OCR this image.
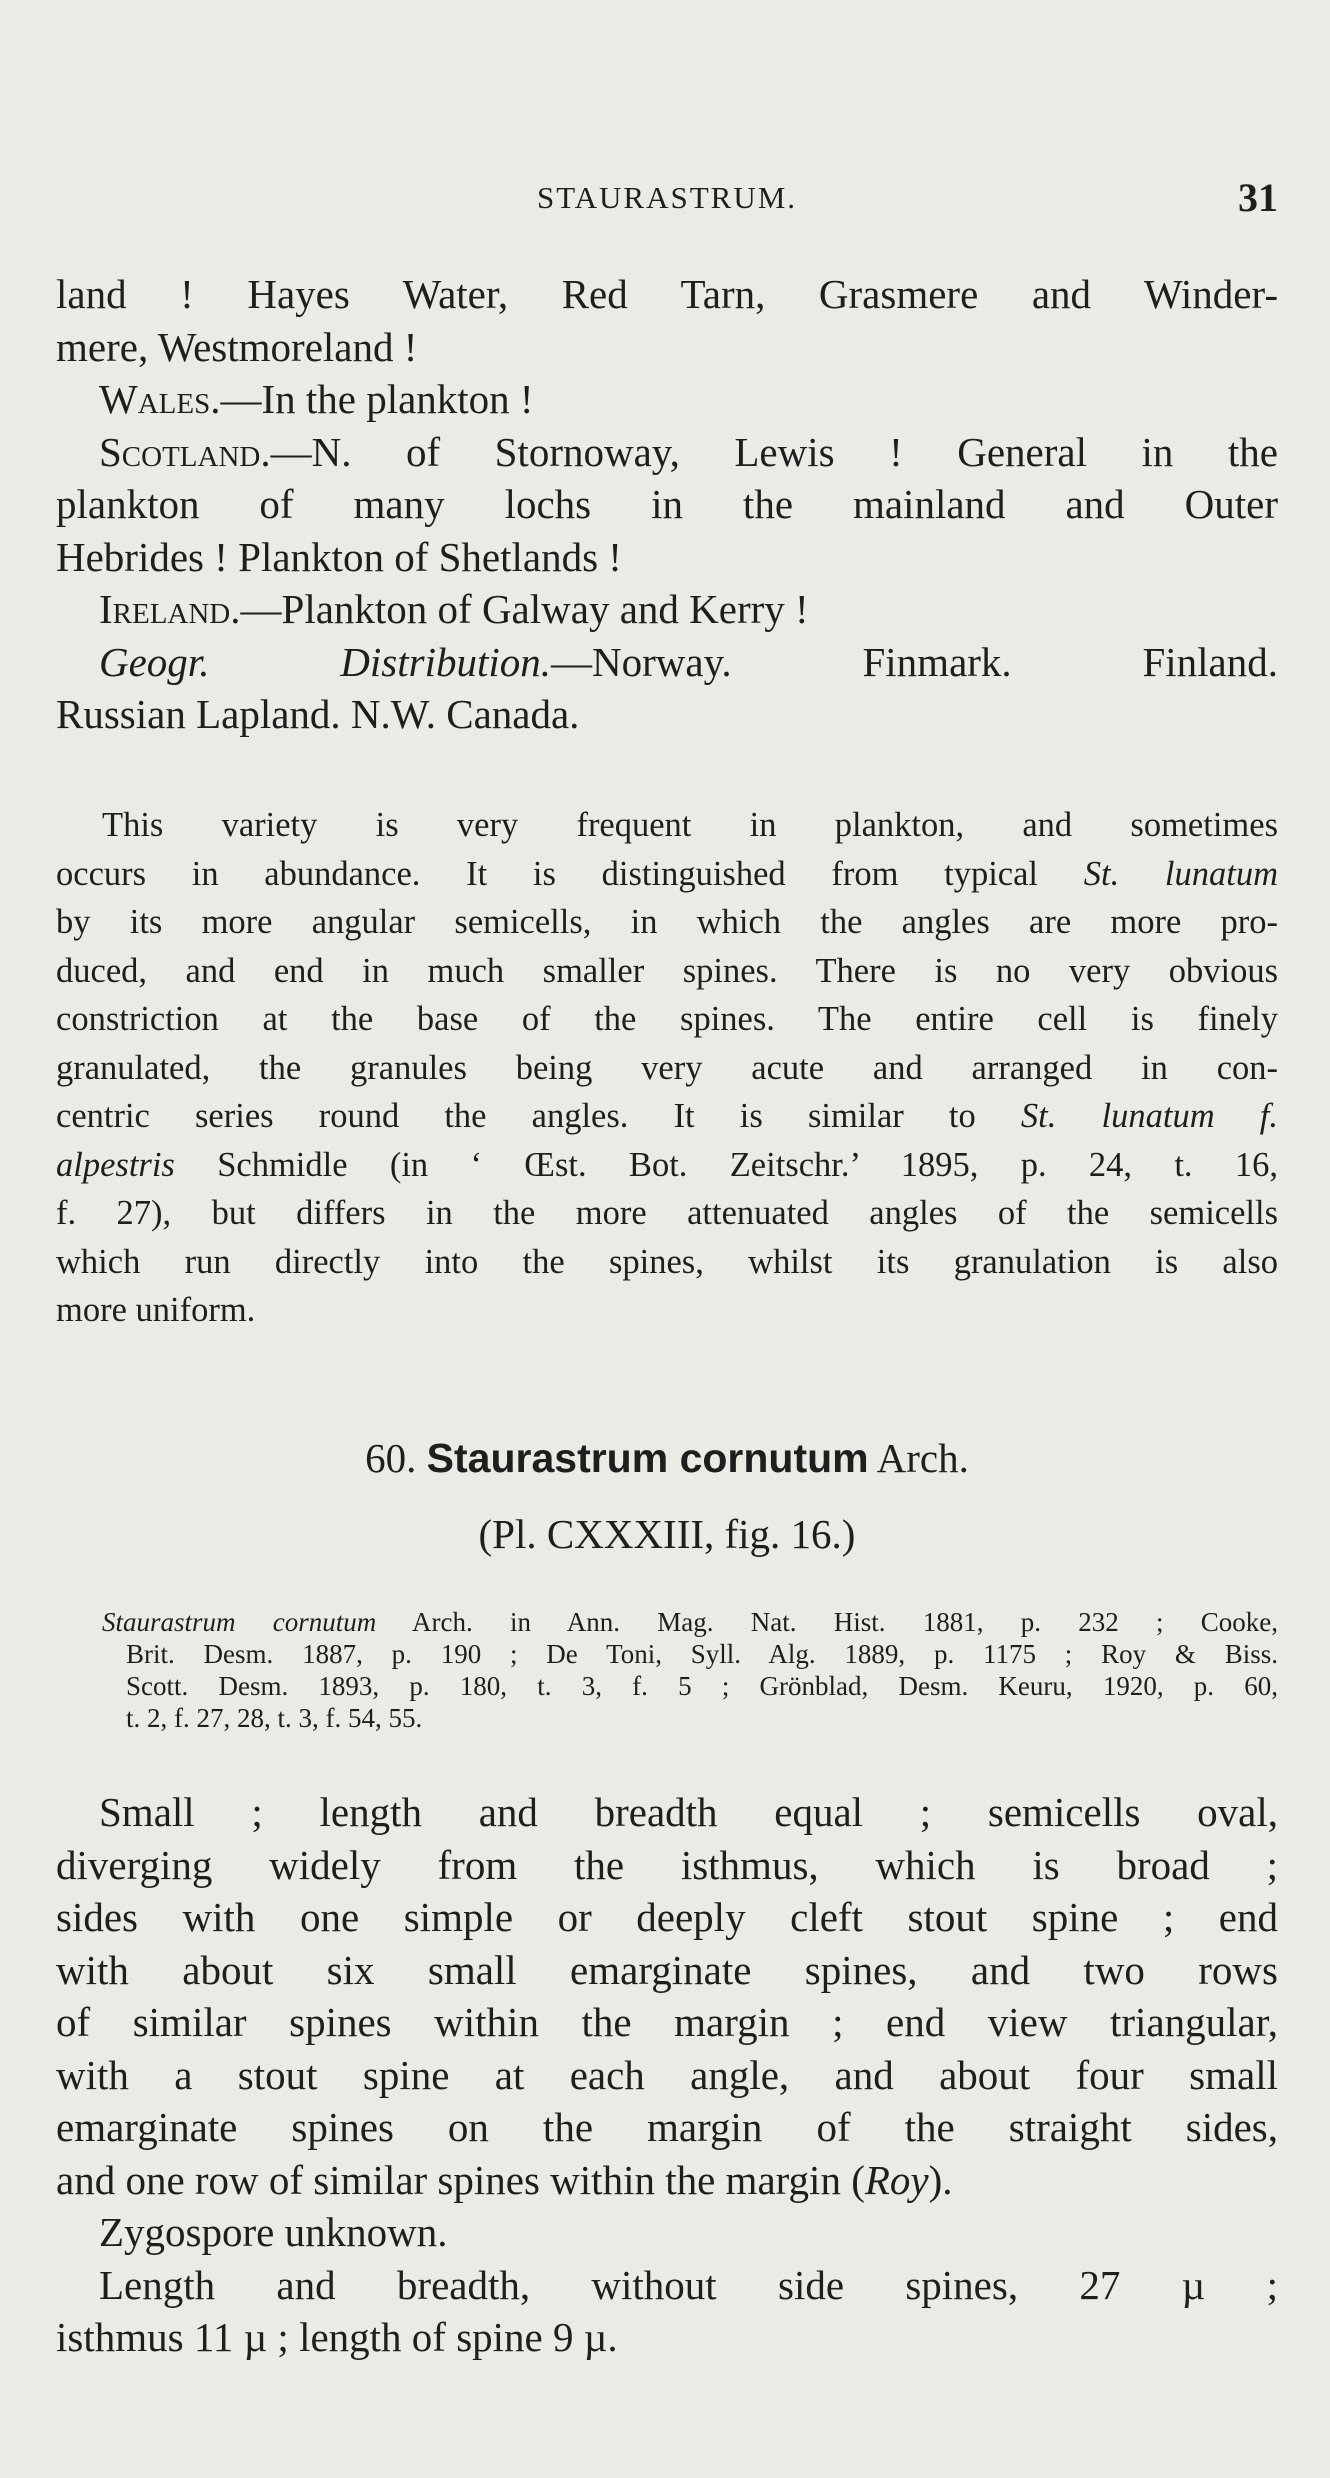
STAURASTRUM.	31
land ! Hayes Water, Red Tarn, Grasmere and Winder-
mere, Westmoreland !
Wales.—In the plankton !
Scotland.—N. of Stornoway, Lewis ! General in the
plankton of many lochs in the mainland and Outer
Hebrides ! Plankton of Shetlands !
Ireland.—Plankton of Galway and Kerry !
Geogr. Distribution.—Norway. Finmark. Finland.
Russian Lapland. N.W. Canada.
This variety is very frequent in plankton, and sometimes
occurs in abundance. It is distinguished from typical St. lunatum
by its more angular semicells, in which the angles are more pro-
duced, and end in much smaller spines. There is no very obvious
constriction at the base of the spines. The entire cell is finely
granulated, the granules being very acute and arranged in con-
centric series round the angles. It is similar to St. lunatum f.
alpestris Schmidle (in ‘ Œst. Bot. Zeitschr.’ 1895, p. 24, t. 16,
f. 27), but differs in the more attenuated angles of the semicells
which run directly into the spines, whilst its granulation is also
more uniform.
60. Staurastrum cornutum Arch.
(Pl. CXXXIII, fig. 16.)
Staurastrum cornutum Arch. in Ann. Mag. Nat. Hist. 1881, p. 232 ; Cooke,
Brit. Desm. 1887, p. 190 ; De Toni, Syll. Alg. 1889, p. 1175 ; Roy & Biss.
Scott. Desm. 1893, p. 180, t. 3, f. 5 ; Grönblad, Desm. Keuru, 1920, p. 60,
t. 2, f. 27, 28, t. 3, f. 54, 55.
Small ; length and breadth equal ; semicells oval,
diverging widely from the isthmus, which is broad ;
sides with one simple or deeply cleft stout spine ; end
with about six small emarginate spines, and two rows
of similar spines within the margin ; end view triangular,
with a stout spine at each angle, and about four small
emarginate spines on the margin of the straight sides,
and one row of similar spines within the margin (Roy).
Zygospore unknown.
Length and breadth, without side spines, 27 µ ;
isthmus 11 µ ; length of spine 9 µ.
